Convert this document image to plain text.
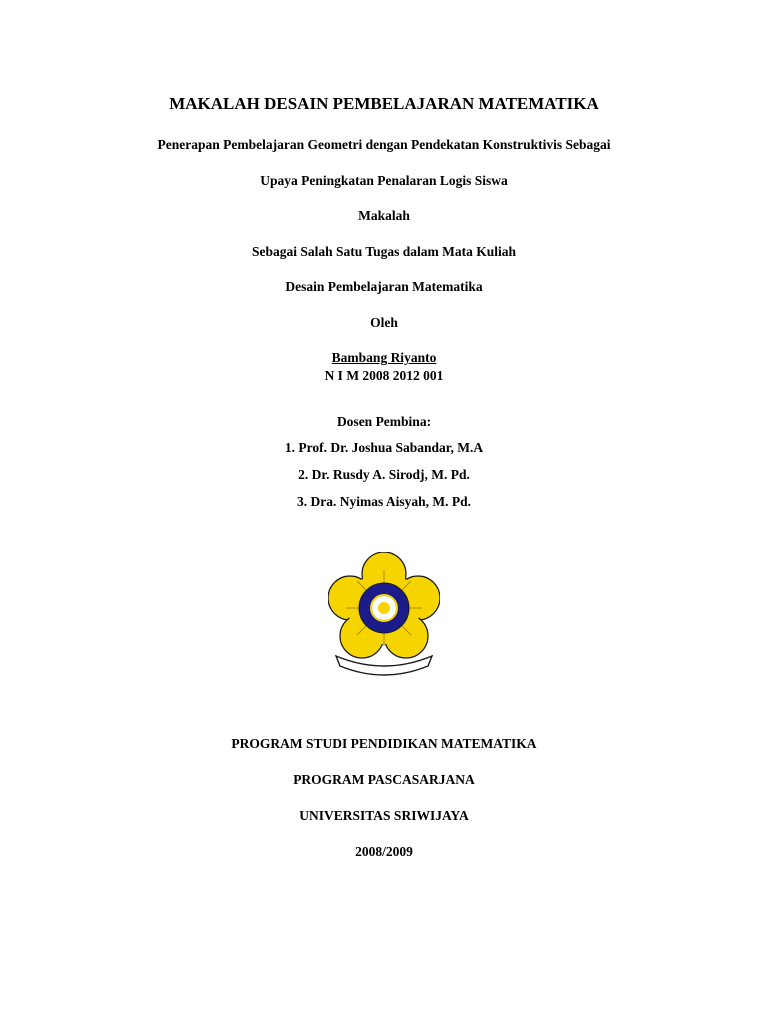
MAKALAH DESAIN PEMBELAJARAN MATEMATIKA
Penerapan Pembelajaran Geometri dengan Pendekatan Konstruktivis Sebagai
Upaya Peningkatan Penalaran Logis Siswa
Makalah
Sebagai Salah Satu Tugas dalam Mata Kuliah
Desain Pembelajaran Matematika
Oleh
Bambang Riyanto
N I M 2008 2012 001
Dosen Pembina:
1. Prof. Dr. Joshua Sabandar, M.A
2. Dr. Rusdy A. Sirodj, M. Pd.
3. Dra. Nyimas Aisyah, M. Pd.
PROGRAM STUDI PENDIDIKAN MATEMATIKA
PROGRAM PASCASARJANA
UNIVERSITAS SRIWIJAYA
2008/2009
